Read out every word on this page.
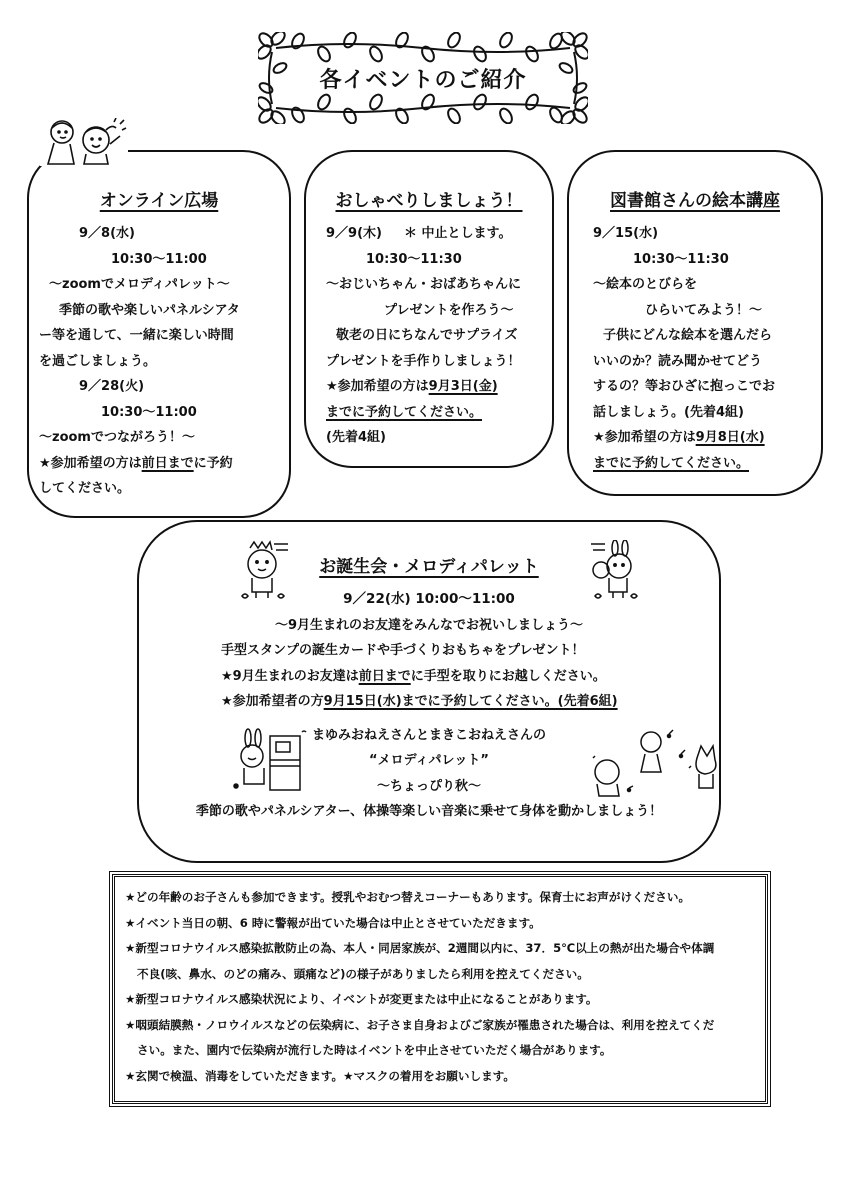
各イベントのご紹介
オンライン広場
9／8(水)
10:30～11:00
～zoomでメロディパレット～
季節の歌や楽しいパネルシアタ
ー等を通して、一緒に楽しい時間
を過ごしましょう。
9／28(火)
10:30～11:00
～zoomでつながろう！～
★参加希望の方は前日までに予約
してください。
おしゃべりしましょう！
9／9(木) ＊ 中止とします。
10:30～11:30
～おじいちゃん・おばあちゃんに
プレゼントを作ろう～
敬老の日にちなんでサプライズ
プレゼントを手作りしましょう！
★参加希望の方は9月3日(金)
までに予約してください。
(先着4組)
図書館さんの絵本講座
9／15(水)
10:30～11:30
～絵本のとびらを
ひらいてみよう！～
子供にどんな絵本を選んだら
いいのか？読み聞かせてどう
するの？等おひざに抱っこでお
話しましょう。(先着4組)
★参加希望の方は9月8日(水)
までに予約してください。
お誕生会・メロディパレット
9／22(水) 10:00～11:00
～9月生まれのお友達をみんなでお祝いしましょう～
手型スタンプの誕生カードや手づくりおもちゃをプレゼント！
★9月生まれのお友達は前日までに手型を取りにお越しください。
★参加希望者の方9月15日(水)までに予約してください。(先着6組)
まゆみおねえさんとまきこおねえさんの
“メロディパレット”
～ちょっぴり秋～
季節の歌やパネルシアター、体操等楽しい音楽に乗せて身体を動かしましょう！
★どの年齢のお子さんも参加できます。授乳やおむつ替えコーナーもあります。保育士にお声がけください。
★イベント当日の朝、6 時に警報が出ていた場合は中止とさせていただきます。
★新型コロナウイルス感染拡散防止の為、本人・同居家族が、2週間以内に、37．5℃以上の熱が出た場合や体調
不良(咳、鼻水、のどの痛み、頭痛など)の様子がありましたら利用を控えてください。
★新型コロナウイルス感染状況により、イベントが変更または中止になることがあります。
★咽頭結膜熱・ノロウイルスなどの伝染病に、お子さま自身およびご家族が罹患された場合は、利用を控えてくだ
さい。また、園内で伝染病が流行した時はイベントを中止させていただく場合があります。
★玄関で検温、消毒をしていただきます。★マスクの着用をお願いします。
